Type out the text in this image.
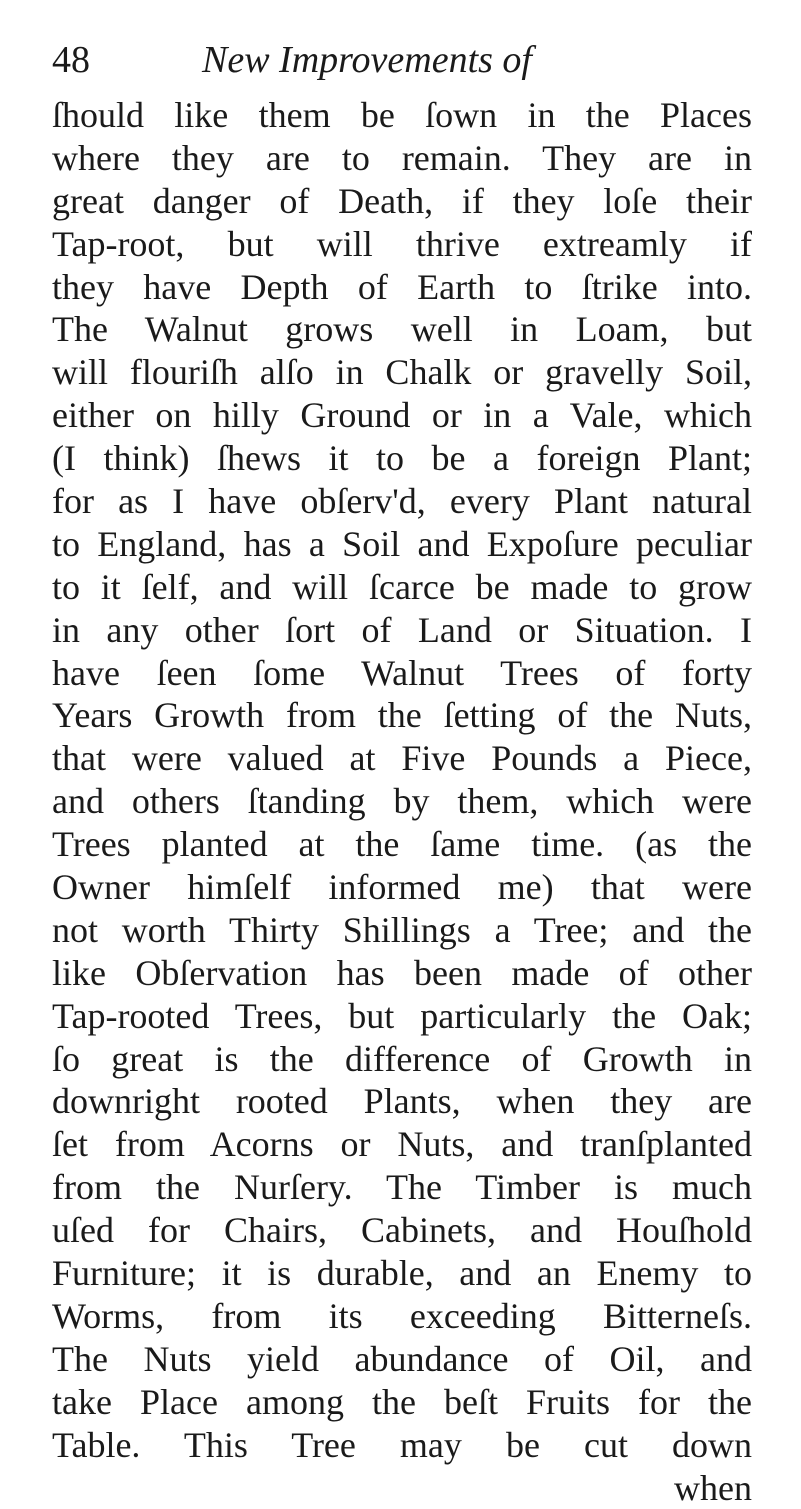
48	New Improvements of
ſhould like them be ſown in the Places
where they are to remain. They are in
great danger of Death, if they loſe their
Tap-root, but will thrive extreamly if
they have Depth of Earth to ſtrike into.
The Walnut grows well in Loam, but
will flouriſh alſo in Chalk or gravelly Soil,
either on hilly Ground or in a Vale, which
(I think) ſhews it to be a foreign Plant;
for as I have obſerv'd, every Plant natural
to England, has a Soil and Expoſure peculiar
to it ſelf, and will ſcarce be made to grow
in any other ſort of Land or Situation. I
have ſeen ſome Walnut Trees of forty
Years Growth from the ſetting of the Nuts,
that were valued at Five Pounds a Piece,
and others ſtanding by them, which were
Trees planted at the ſame time. (as the
Owner himſelf informed me) that were
not worth Thirty Shillings a Tree; and the
like Obſervation has been made of other
Tap-rooted Trees, but particularly the Oak;
ſo great is the difference of Growth in
downright rooted Plants, when they are
ſet from Acorns or Nuts, and tranſplanted
from the Nurſery. The Timber is much
uſed for Chairs, Cabinets, and Houſhold
Furniture; it is durable, and an Enemy to
Worms, from its exceeding Bitterneſs.
The Nuts yield abundance of Oil, and
take Place among the beſt Fruits for the
Table. This Tree may be cut down
when
